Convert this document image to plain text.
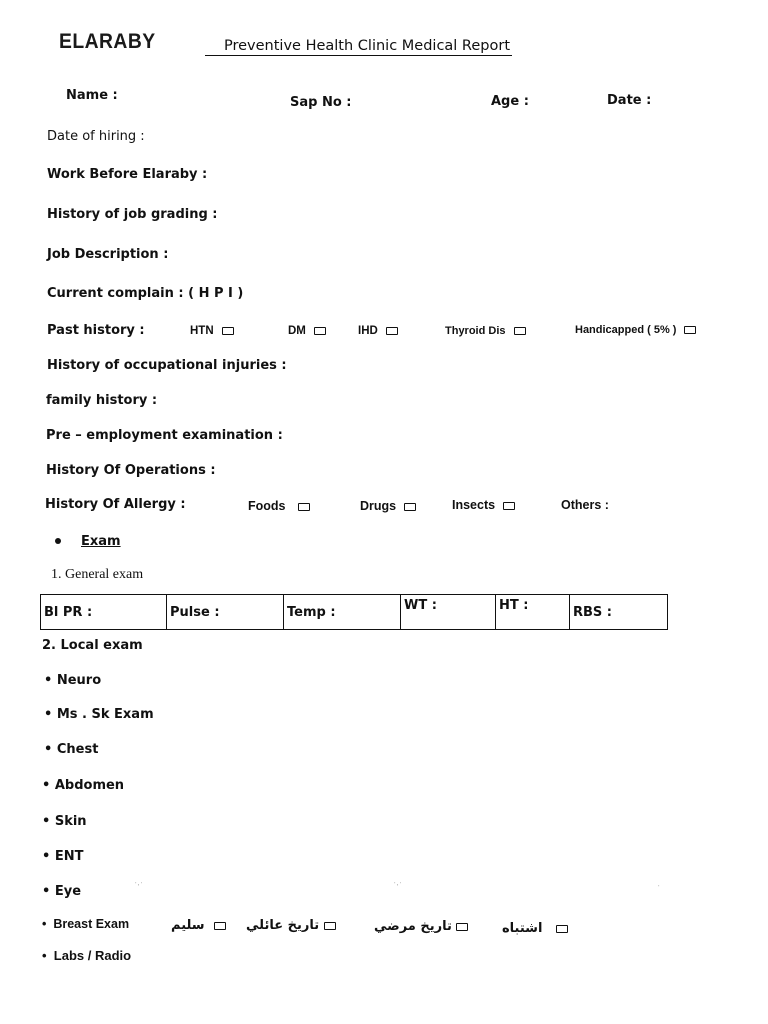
ELARABY	Preventive Health Clinic Medical Report
Name :	Sap No :	Age :	Date :
Date of hiring :
Work Before Elaraby :
History of job grading :
Job Description :
Current complain : ( H P I )
Past history :	HTN	DM	IHD	Thyroid Dis	Handicapped ( 5% )
History of occupational injuries :
family history :
Pre – employment examination :
History Of Operations :
History Of Allergy :	Foods	Drugs	Insects	Others :
Exam
1. General exam
Bl PR :	Pulse :	Temp :	WT :	HT :	RBS :
2. Local exam
• Neuro
• Ms . Sk Exam
• Chest
• Abdomen
• Skin
• ENT
• Eye	˙ˑ˙	˙ˑ˙	˙
•  Breast Exam	سليم	تاريخ عائلي	تاريخ مرضي	اشتباه
•  Labs / Radio
